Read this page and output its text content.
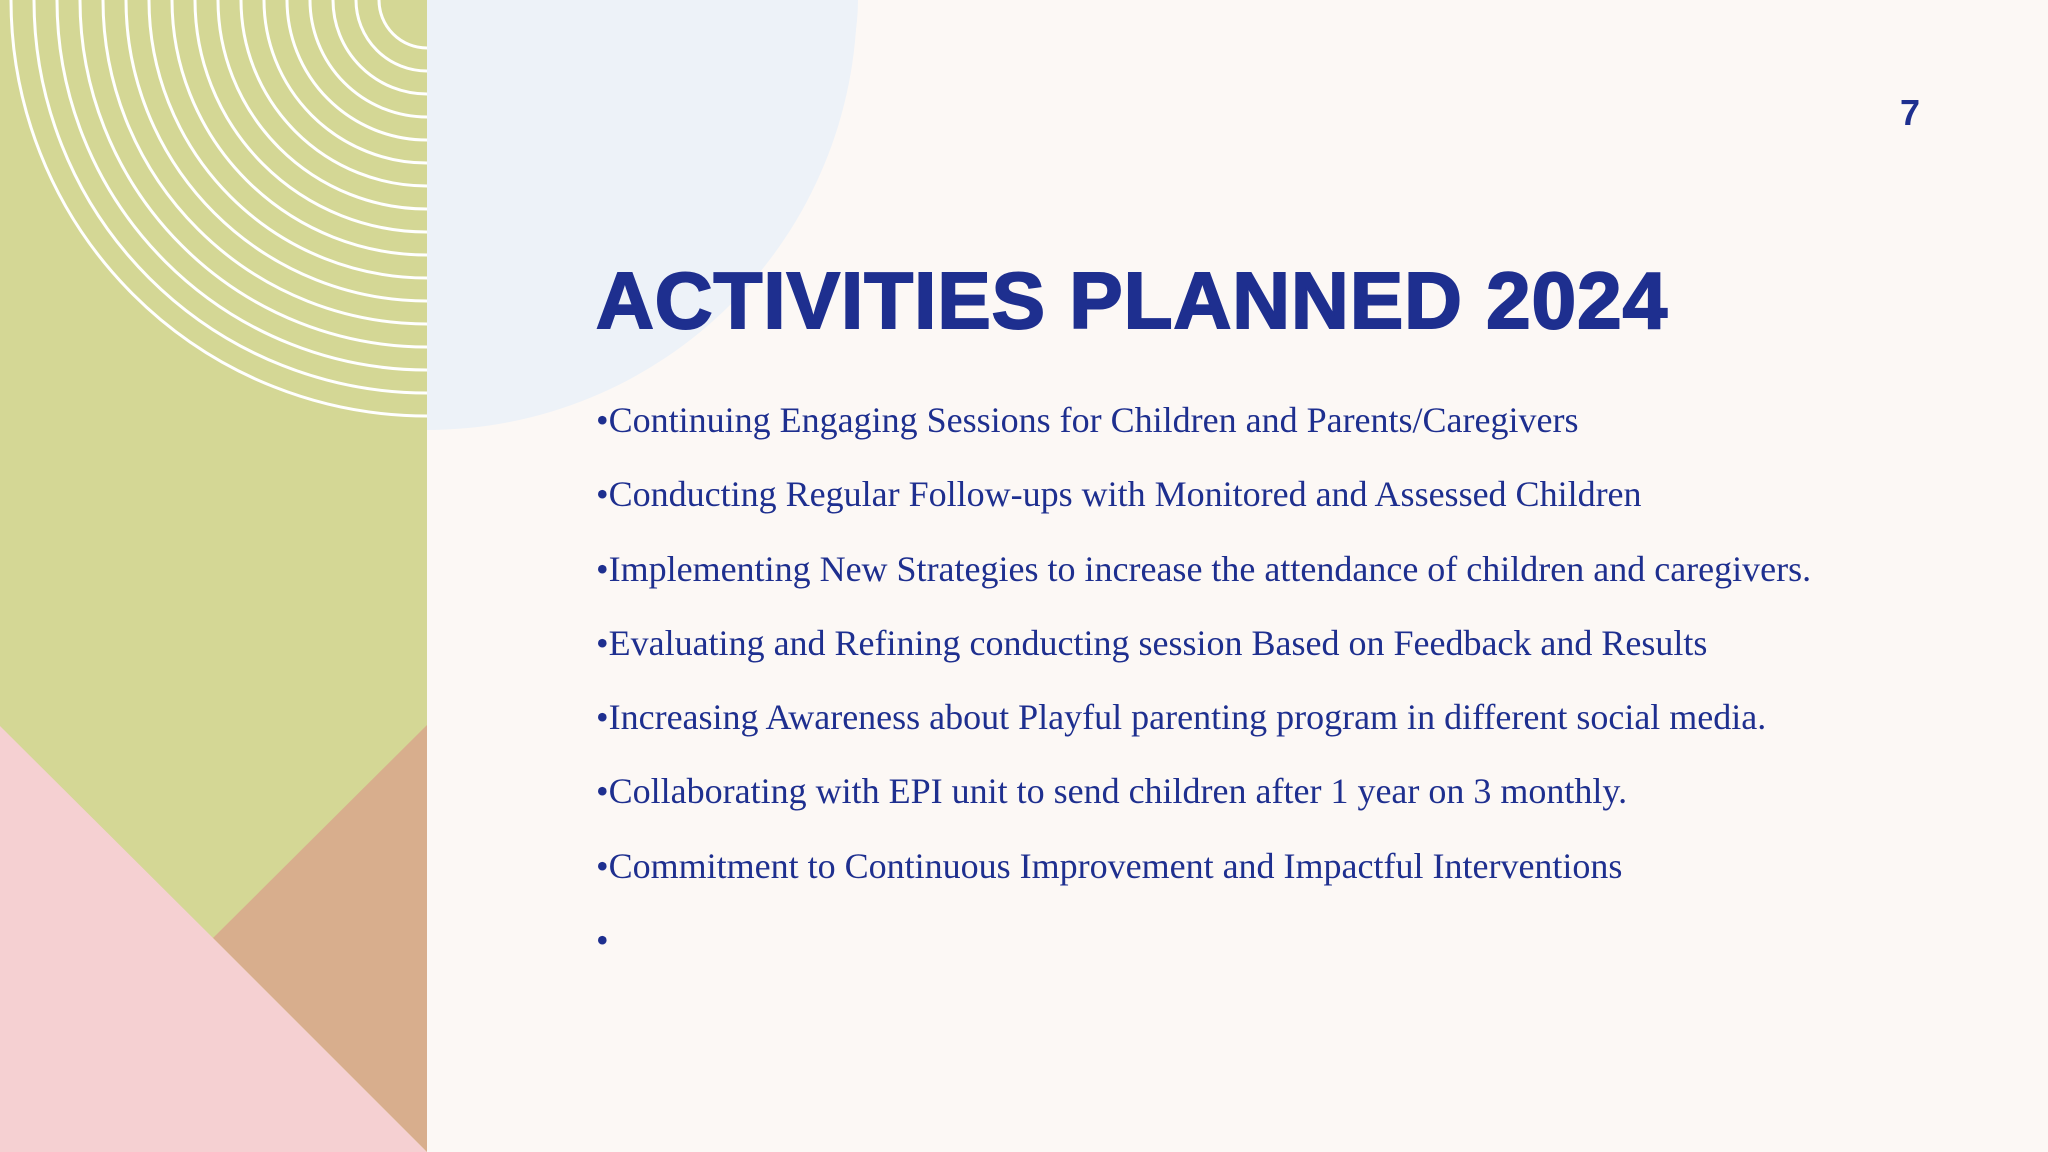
7
ACTIVITIES PLANNED 2024
•Continuing Engaging Sessions for Children and Parents/Caregivers
•Conducting Regular Follow-ups with Monitored and Assessed Children
•Implementing New Strategies to increase the attendance of children and caregivers.
•Evaluating and Refining conducting session Based on Feedback and Results
•Increasing Awareness about Playful parenting program in different social media.
•Collaborating with EPI unit to send children after 1 year on 3 monthly.
•Commitment to Continuous Improvement and Impactful Interventions
•
